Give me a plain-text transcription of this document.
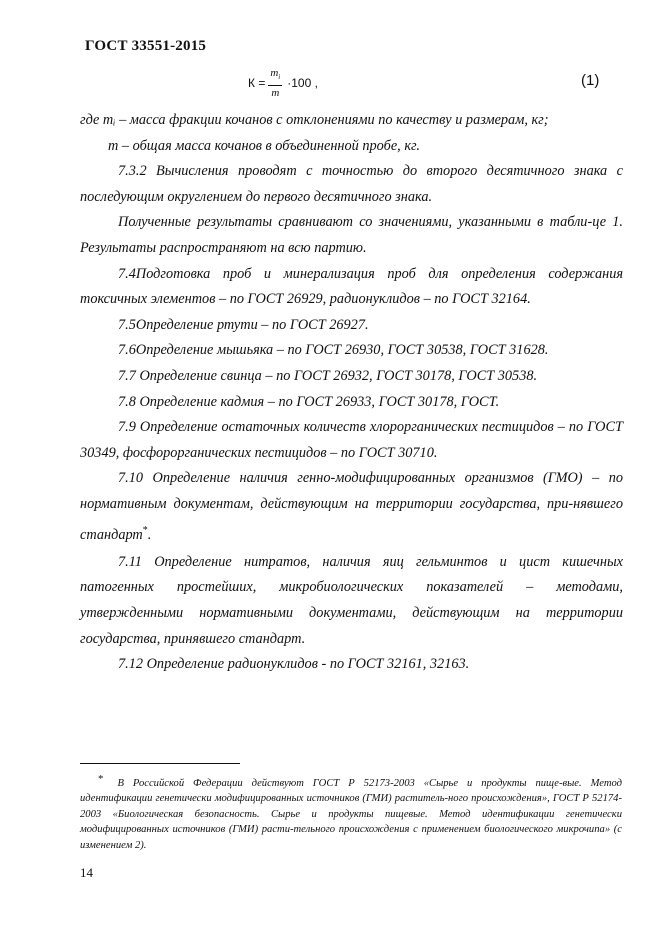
ГОСТ 33551-2015
$К = \frac{m_i}{m} \cdot 100$ ,	(1)

где mᵢ – масса фракции кочанов с отклонениями по качеству и размерам, кг;

m – общая масса кочанов в объединенной пробе, кг.

7.3.2 Вычисления проводят с точностью до второго десятичного знака с последующим округлением до первого десятичного знака.

Полученные результаты сравнивают со значениями, указанными в табли-це 1. Результаты распространяют на всю партию.

7.4Подготовка проб и минерализация проб для определения содержания токсичных элементов – по ГОСТ 26929, радионуклидов – по ГОСТ 32164.

7.5Определение ртути – по ГОСТ 26927.

7.6Определение мышьяка – по ГОСТ 26930, ГОСТ 30538, ГОСТ 31628.

7.7 Определение свинца – по ГОСТ 26932, ГОСТ 30178, ГОСТ 30538.

7.8 Определение кадмия – по ГОСТ 26933, ГОСТ 30178, ГОСТ.

7.9 Определение остаточных количеств хлорорганических пестицидов – по ГОСТ 30349, фосфорорганических пестицидов – по ГОСТ 30710.

7.10 Определение наличия генно-модифицированных организмов (ГМО) – по нормативным документам, действующим на территории государства, при-нявшего стандарт*.

7.11 Определение нитратов, наличия яиц гельминтов и цист кишечных патогенных простейших, микробиологических показателей – методами, утвержденными нормативными документами, действующим на территории государства, принявшего стандарт.

7.12 Определение радионуклидов - по ГОСТ 32161, 32163.

* В Российской Федерации действуют ГОСТ Р 52173-2003 «Сырье и продукты пище-вые. Метод идентификации генетически модифицированных источников (ГМИ) раститель-ного происхождения», ГОСТ Р 52174-2003 «Биологическая безопасность. Сырье и продукты пищевые. Метод идентификации генетически модифицированных источников (ГМИ) расти-тельного происхождения с применением биологического микрочипа» (с изменением 2).
14
